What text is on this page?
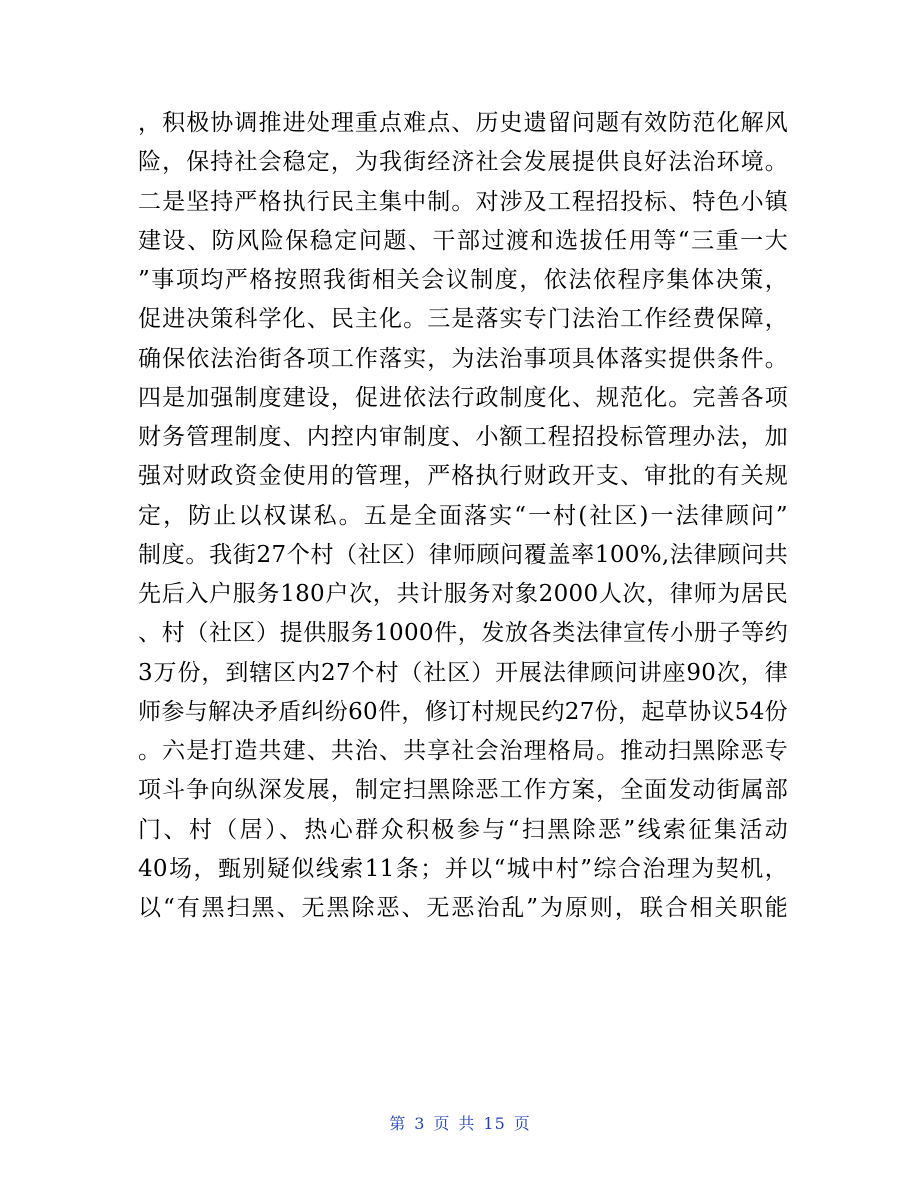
，积极协调推进处理重点难点、历史遗留问题有效防范化解风
险，保持社会稳定，为我街经济社会发展提供良好法治环境。
二是坚持严格执行民主集中制。对涉及工程招投标、特色小镇
建设、防风险保稳定问题、干部过渡和选拔任用等“三重一大
”事项均严格按照我街相关会议制度，依法依程序集体决策，
促进决策科学化、民主化。三是落实专门法治工作经费保障，
确保依法治街各项工作落实，为法治事项具体落实提供条件。
四是加强制度建设，促进依法行政制度化、规范化。完善各项
财务管理制度、内控内审制度、小额工程招投标管理办法，加
强对财政资金使用的管理，严格执行财政开支、审批的有关规
定，防止以权谋私。五是全面落实“一村(社区)一法律顾问”
制度。我街27个村（社区）律师顾问覆盖率100%,法律顾问共
先后入户服务180户次，共计服务对象2000人次，律师为居民
、村（社区）提供服务1000件，发放各类法律宣传小册子等约
3万份，到辖区内27个村（社区）开展法律顾问讲座90次，律
师参与解决矛盾纠纷60件，修订村规民约27份，起草协议54份
。六是打造共建、共治、共享社会治理格局。推动扫黑除恶专
项斗争向纵深发展，制定扫黑除恶工作方案，全面发动街属部
门、村（居）、热心群众积极参与“扫黑除恶”线索征集活动
40场，甄别疑似线索11条；并以“城中村”综合治理为契机，
以“有黑扫黑、无黑除恶、无恶治乱”为原则，联合相关职能
第 3 页 共 15 页
